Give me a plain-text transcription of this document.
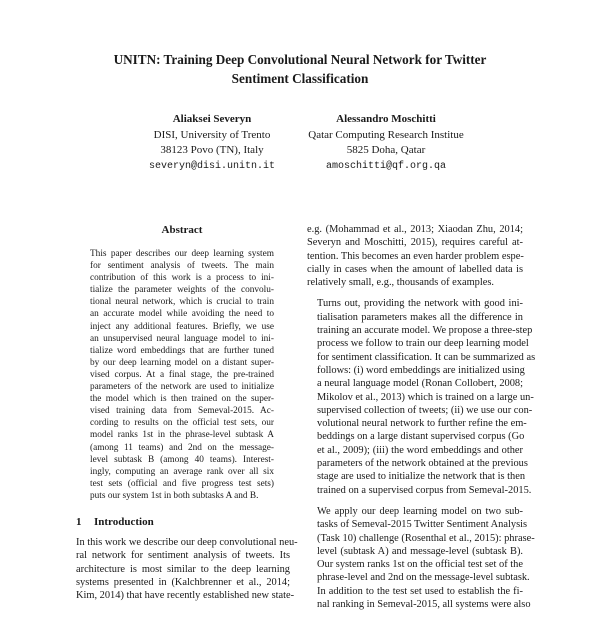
UNITN: Training Deep Convolutional Neural Network for Twitter
Sentiment Classification
Aliaksei Severyn
DISI, University of Trento
38123 Povo (TN), Italy
severyn@disi.unitn.it
Alessandro Moschitti
Qatar Computing Research Institue
5825 Doha, Qatar
amoschitti@qf.org.qa
Abstract
This paper describes our deep learning system
for sentiment analysis of tweets. The main
contribution of this work is a process to ini-
tialize the parameter weights of the convolu-
tional neural network, which is crucial to train
an accurate model while avoiding the need to
inject any additional features. Briefly, we use
an unsupervised neural language model to ini-
tialize word embeddings that are further tuned
by our deep learning model on a distant super-
vised corpus. At a final stage, the pre-trained
parameters of the network are used to initialize
the model which is then trained on the super-
vised training data from Semeval-2015. Ac-
cording to results on the official test sets, our
model ranks 1st in the phrase-level subtask A
(among 11 teams) and 2nd on the message-
level subtask B (among 40 teams). Interest-
ingly, computing an average rank over all six
test sets (official and five progress test sets)
puts our system 1st in both subtasks A and B.
1 Introduction
In this work we describe our deep convolutional neu-
ral network for sentiment analysis of tweets. Its
architecture is most similar to the deep learning
systems presented in (Kalchbrenner et al., 2014;
Kim, 2014) that have recently established new state-

e.g. (Mohammad et al., 2013; Xiaodan Zhu, 2014;
Severyn and Moschitti, 2015), requires careful at-
tention. This becomes an even harder problem espe-
cially in cases when the amount of labelled data is
relatively small, e.g., thousands of examples.

Turns out, providing the network with good ini-
tialisation parameters makes all the difference in
training an accurate model. We propose a three-step
process we follow to train our deep learning model
for sentiment classification. It can be summarized as
follows: (i) word embeddings are initialized using
a neural language model (Ronan Collobert, 2008;
Mikolov et al., 2013) which is trained on a large un-
supervised collection of tweets; (ii) we use our con-
volutional neural network to further refine the em-
beddings on a large distant supervised corpus (Go
et al., 2009); (iii) the word embeddings and other
parameters of the network obtained at the previous
stage are used to initialize the network that is then
trained on a supervised corpus from Semeval-2015.

We apply our deep learning model on two sub-
tasks of Semeval-2015 Twitter Sentiment Analysis
(Task 10) challenge (Rosenthal et al., 2015): phrase-
level (subtask A) and message-level (subtask B).
Our system ranks 1st on the official test set of the
phrase-level and 2nd on the message-level subtask.
In addition to the test set used to establish the fi-
nal ranking in Semeval-2015, all systems were also
